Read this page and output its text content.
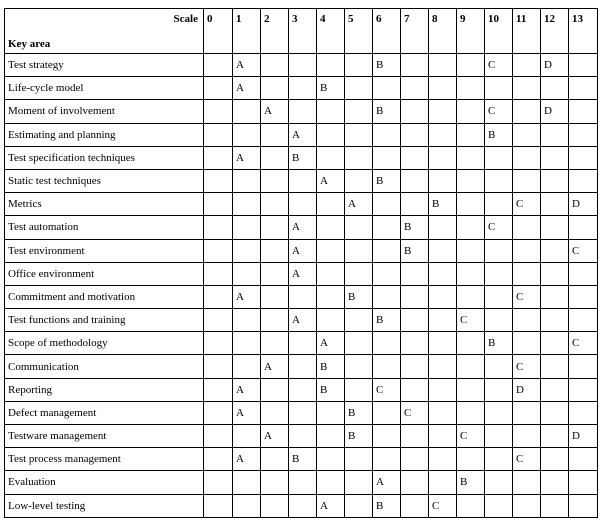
Scale
Key area	0	1	2	3	4	5	6	7	8	9	10	11	12	13
Test strategy		A					B				C		D	
Life-cycle model		A			B									
Moment of involvement			A				B				C		D	
Estimating and planning				A							B			
Test specification techniques		A		B										
Static test techniques					A		B							
Metrics						A			B			C		D
Test automation				A				B			C			
Test environment				A				B						C
Office environment				A										
Commitment and motivation		A				B						C		
Test functions and training				A			B			C				
Scope of methodology					A						B			C
Communication			A		B							C		
Reporting		A			B		C					D		
Defect management		A				B		C						
Testware management			A			B				C				D
Test process management		A		B								C		
Evaluation							A			B				
Low-level testing					A		B		C					
